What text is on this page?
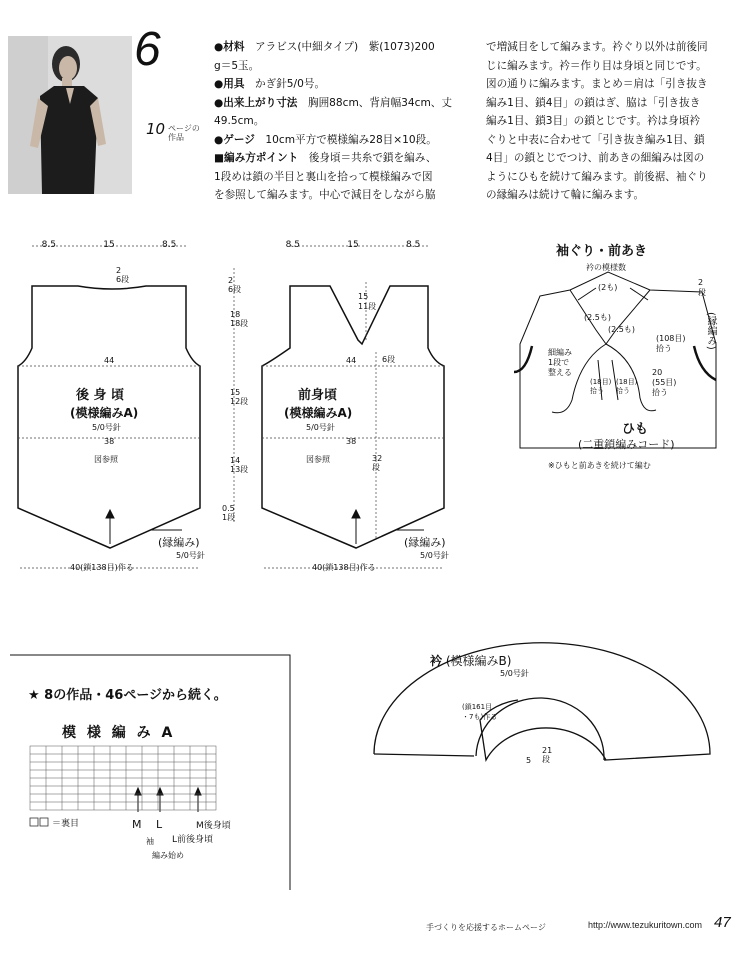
6
10 ページの作品
●材料　 アラビス(中細タイプ)　紫(1073)200
g＝5玉。
●用具　 かぎ針5/0号。
●出来上がり寸法　 胸囲88cm、背肩幅34cm、丈
49.5cm。
●ゲージ　 10cm平方で模様編み28目×10段。
■編み方ポイント　 後身頃＝共糸で鎖を編み、
1段めは鎖の半目と裏山を拾って模様編みで図
を参照して編みます。中心で減目をしながら脇
で増減目をして編みます。衿ぐり以外は前後同
じに編みます。衿＝作り目は身頃と同じです。
図の通りに編みます。まとめ＝肩は「引き抜き
編み1目、鎖4目」の鎖はぎ、脇は「引き抜き
編み1目、鎖3目」の鎖とじです。衿は身頃衿
ぐりと中表に合わせて「引き抜き編み1目、鎖
4目」の鎖とじでつけ、前あきの細編みは図の
ようにひもを続けて編みます。前後裾、袖ぐり
の縁編みは続けて輪に編みます。
8.5	15	8.5
2
6段
44
後 身 頃
(模様編みA)
5/0号針
38
図参照
(縁編み)
5/0号針
40(鎖138目)作る
2
6段
18
18段
15
12段
14
13段
0.5
1段
8.5	15	8.5
15
11段
44	6段
前身頃
(模様編みA)
5/0号針
38
図参照	32
段
(縁編み)
5/0号針
40(鎖138目)作る
袖ぐり・前あき
衿の模様数
(2も)
(2.5も)
(2.5も)
細編み
1段で
整える
(18目)
拾う
(18目)
拾う
(108目)
拾う
20
(55目)
拾う
2
段
(縁編み)
ひも
(二重鎖編みコード)
※ひもと前あきを続けて編む
衿 (模様編みB)
5/0号針
(鎖161目
・7も)作る
5
21段
★ 8の作品・46ページから続く。
模 様 編 み A
＝裏目	M L	M後身頃
袖 L前後身頃
編み始め
手づくりを応援するホームページ	http://www.tezukuritown.com 47
